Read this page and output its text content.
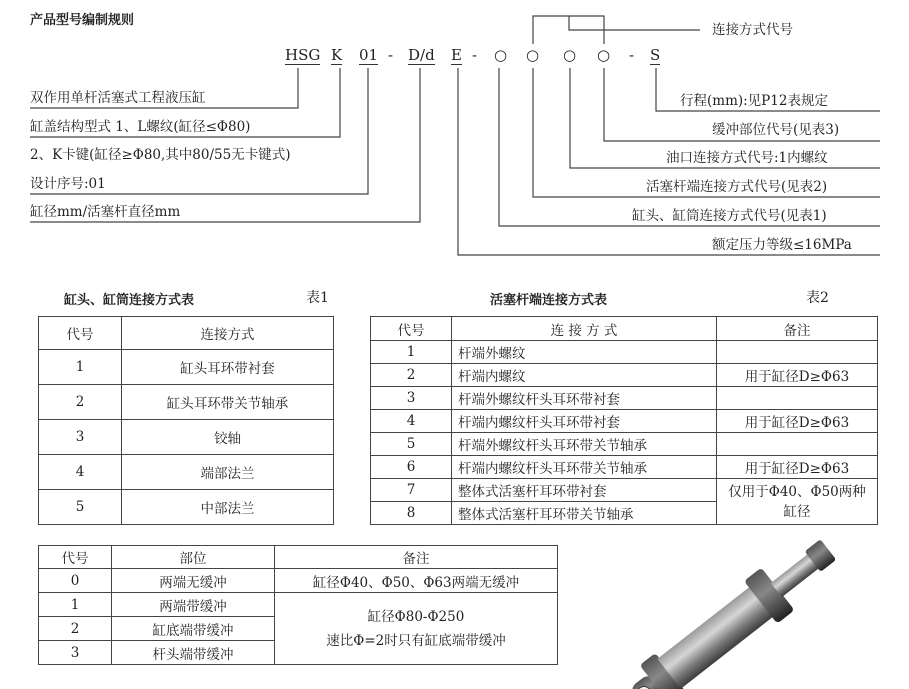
产品型号编制规则
HSG K 01 - D/d E - ○ ○ ○ ○ - S
双作用单杆活塞式工程液压缸
缸盖结构型式 1、L螺纹(缸径≤Φ80)
2、K卡键(缸径≥Φ80,其中80/55无卡键式)
设计序号:01
缸径mm/活塞杆直径mm
连接方式代号
行程(mm):见P12表规定
缓冲部位代号(见表3)
油口连接方式代号:1内螺纹
活塞杆端连接方式代号(见表2)
缸头、缸筒连接方式代号(见表1)
额定压力等级≤16MPa
缸头、缸筒连接方式表	表1
代号	连接方式
1	缸头耳环带衬套
2	缸头耳环带关节轴承
3	铰轴
4	端部法兰
5	中部法兰
活塞杆端连接方式表	表2
代号	连 接 方 式	备注
1	杆端外螺纹	
2	杆端内螺纹	用于缸径D≥Φ63
3	杆端外螺纹杆头耳环带衬套	
4	杆端内螺纹杆头耳环带衬套	用于缸径D≥Φ63
5	杆端外螺纹杆头耳环带关节轴承	
6	杆端内螺纹杆头耳环带关节轴承	用于缸径D≥Φ63
7	整体式活塞杆耳环带衬套	仅用于Φ40、Φ50两种缸径
8	整体式活塞杆耳环带关节轴承	
代号	部位	备注
0	两端无缓冲	缸径Φ40、Φ50、Φ63两端无缓冲
1	两端带缓冲	缸径Φ80-Φ250
速比Φ=2时只有缸底端带缓冲

2	缸底端带缓冲	
3	杆头端带缓冲	
